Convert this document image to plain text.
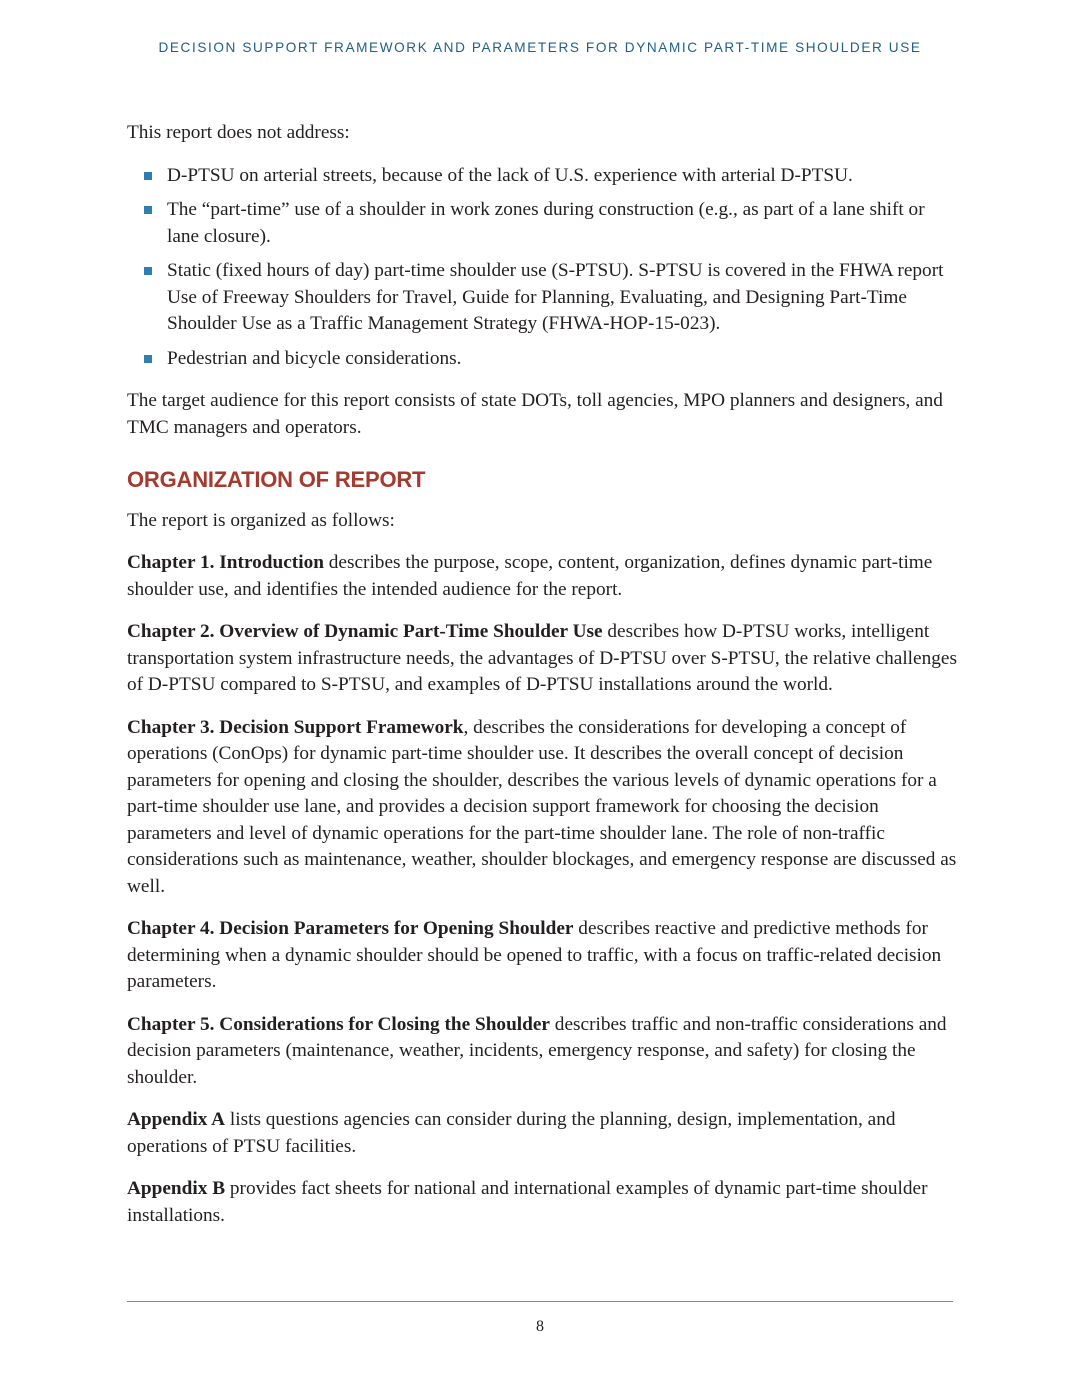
DECISION SUPPORT FRAMEWORK AND PARAMETERS FOR DYNAMIC PART-TIME SHOULDER USE

This report does not address:

D-PTSU on arterial streets, because of the lack of U.S. experience with arterial D-PTSU.
The “part-time” use of a shoulder in work zones during construction (e.g., as part of a lane shift or lane closure).
Static (fixed hours of day) part-time shoulder use (S-PTSU). S-PTSU is covered in the FHWA report Use of Freeway Shoulders for Travel, Guide for Planning, Evaluating, and Designing Part-Time Shoulder Use as a Traffic Management Strategy (FHWA-HOP-15-023).
Pedestrian and bicycle considerations.

The target audience for this report consists of state DOTs, toll agencies, MPO planners and designers, and TMC managers and operators.

ORGANIZATION OF REPORT

The report is organized as follows:

Chapter 1. Introduction describes the purpose, scope, content, organization, defines dynamic part-time shoulder use, and identifies the intended audience for the report.

Chapter 2. Overview of Dynamic Part-Time Shoulder Use describes how D-PTSU works, intelligent transportation system infrastructure needs, the advantages of D-PTSU over S-PTSU, the relative challenges of D-PTSU compared to S-PTSU, and examples of D-PTSU installations around the world.

Chapter 3. Decision Support Framework, describes the considerations for developing a concept of operations (ConOps) for dynamic part-time shoulder use. It describes the overall concept of decision parameters for opening and closing the shoulder, describes the various levels of dynamic operations for a part-time shoulder use lane, and provides a decision support framework for choosing the decision parameters and level of dynamic operations for the part-time shoulder lane. The role of non-traffic considerations such as maintenance, weather, shoulder blockages, and emergency response are discussed as well.

Chapter 4. Decision Parameters for Opening Shoulder describes reactive and predictive methods for determining when a dynamic shoulder should be opened to traffic, with a focus on traffic-related decision parameters.

Chapter 5. Considerations for Closing the Shoulder describes traffic and non-traffic considerations and decision parameters (maintenance, weather, incidents, emergency response, and safety) for closing the shoulder.

Appendix A lists questions agencies can consider during the planning, design, implementation, and operations of PTSU facilities.

Appendix B provides fact sheets for national and international examples of dynamic part-time shoulder installations.

8
